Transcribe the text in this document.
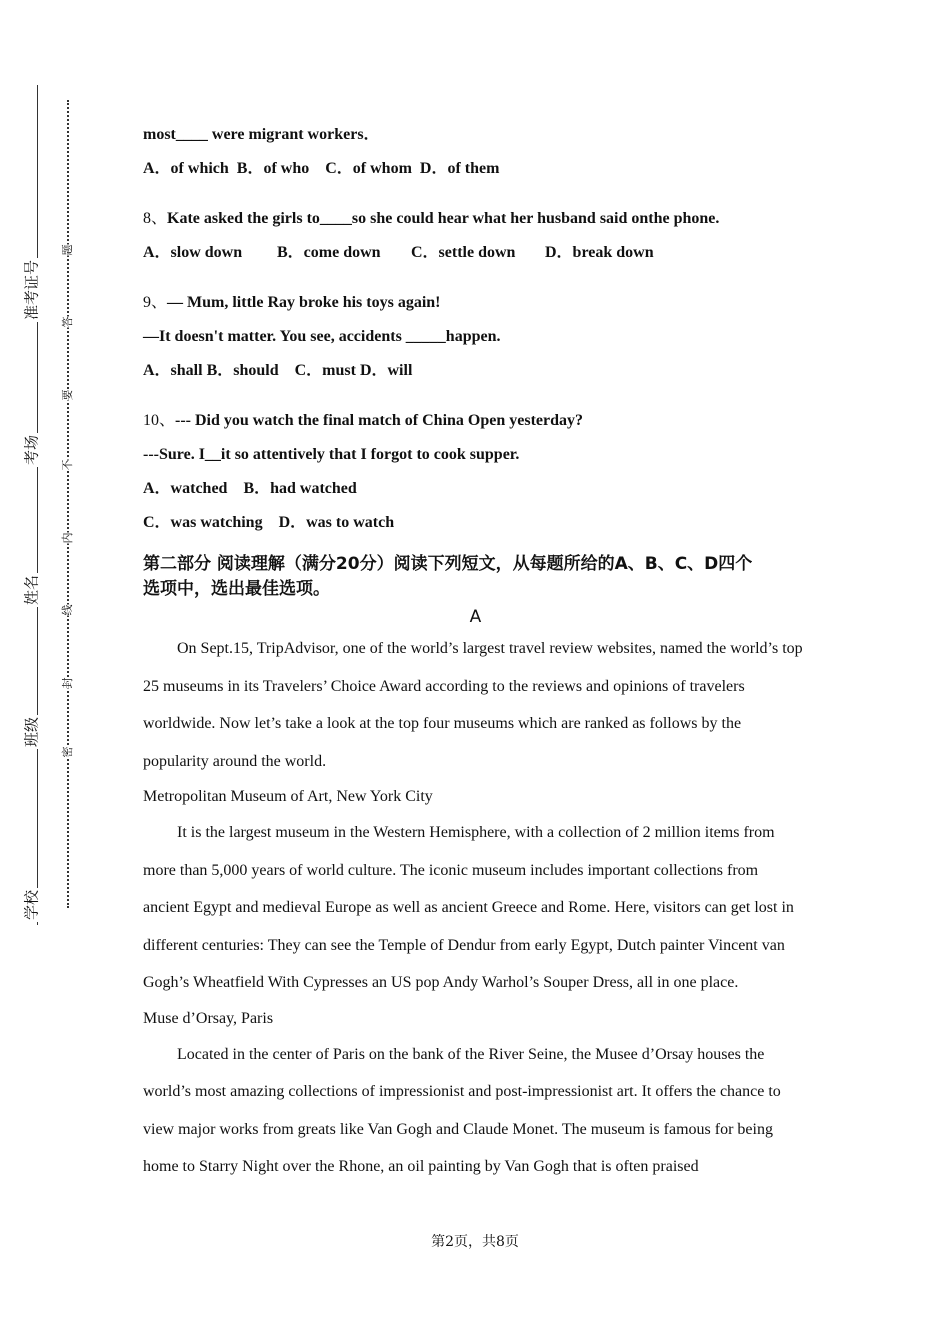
准考证号
考场
姓名
班级
学校
题
答
要
不
内
线
封
密
most____ were migrant workers．
A．of which  B．of who    C．of whom  D．of them
8、Kate asked the girls to____so she could hear what her husband said onthe phone.
A．slow down B．come down C．settle down D．break down
9、— Mum, little Ray broke his toys again!
—It doesn't matter. You see, accidents _____happen.
A．shall B．should    C．must D．will
10、--- Did you watch the final match of China Open yesterday?
---Sure. I__it so attentively that I forgot to cook supper.
A．watched    B．had watched
C．was watching    D．was to watch
第二部分 阅读理解（满分20分）阅读下列短文，从每题所给的A、B、C、D四个
选项中，选出最佳选项。
A

On Sept.15, TripAdvisor, one of the world’s largest travel review websites, named the world’s top 25 museums in its Travelers’ Choice Award according to the reviews and opinions of travelers worldwide. Now let’s take a look at the top four museums which are ranked as follows by the popularity around the world.

Metropolitan Museum of Art, New York City

It is the largest museum in the Western Hemisphere, with a collection of 2 million items from more than 5,000 years of world culture. The iconic museum includes important collections from ancient Egypt and medieval Europe as well as ancient Greece and Rome. Here, visitors can get lost in different centuries: They can see the Temple of Dendur from early Egypt, Dutch painter Vincent van Gogh’s Wheatfield With Cypresses an US pop Andy Warhol’s Souper Dress, all in one place.

Muse d’Orsay, Paris

Located in the center of Paris on the bank of the River Seine, the Musee d’Orsay houses the world’s most amazing collections of impressionist and post-impressionist art. It offers the chance to view major works from greats like Van Gogh and Claude Monet. The museum is famous for being home to Starry Night over the Rhone, an oil painting by Van Gogh that is often praised

第2页，共8页
